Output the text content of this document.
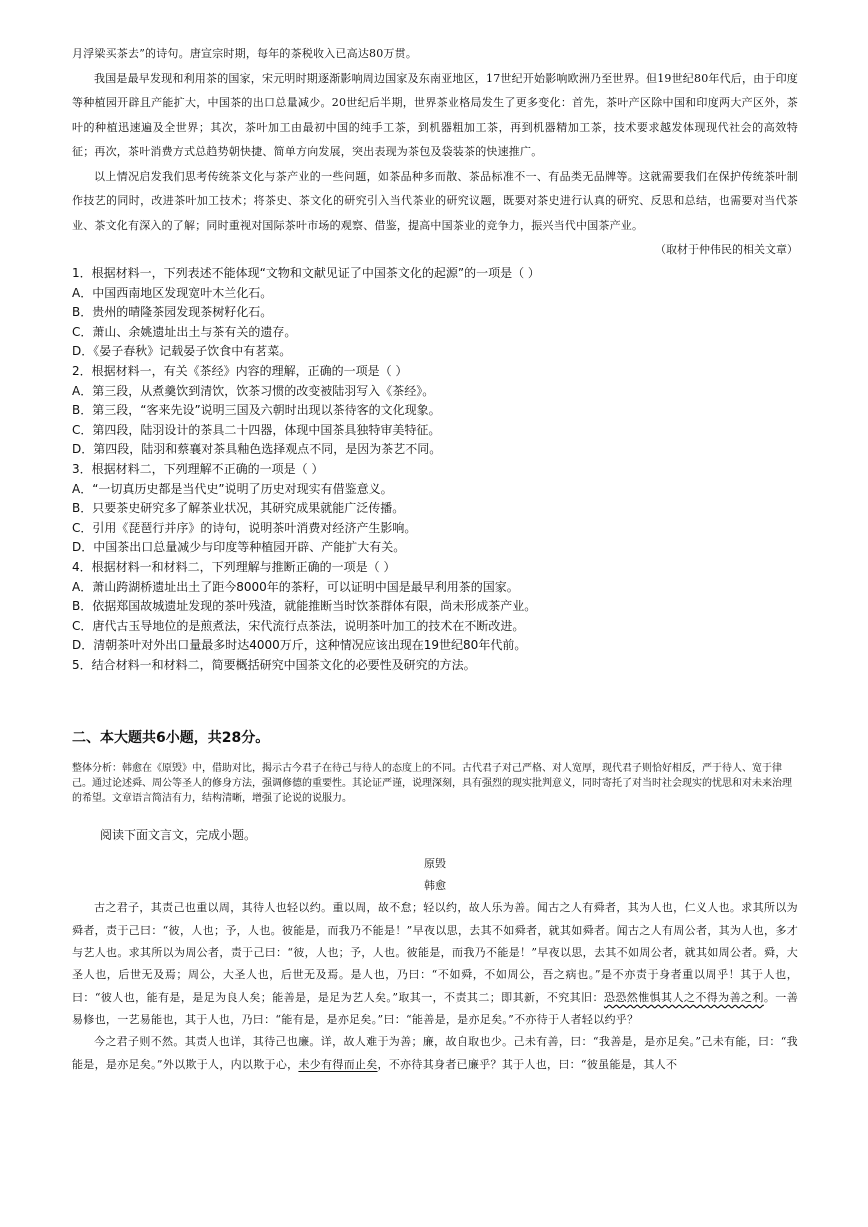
月浮梁买茶去”的诗句。唐宣宗时期，每年的茶税收入已高达80万贯。

我国是最早发现和利用茶的国家，宋元明时期逐渐影响周边国家及东南亚地区，17世纪开始影响欧洲乃至世界。但19世纪80年代后，由于印度等种植园开辟且产能扩大，中国茶的出口总量减少。20世纪后半期，世界茶业格局发生了更多变化：首先，茶叶产区除中国和印度两大产区外，茶叶的种植迅速遍及全世界；其次，茶叶加工由最初中国的纯手工茶，到机器粗加工茶，再到机器精加工茶，技术要求越发体现现代社会的高效特征；再次，茶叶消费方式总趋势朝快捷、简单方向发展，突出表现为茶包及袋装茶的快速推广。

以上情况启发我们思考传统茶文化与茶产业的一些问题，如茶品种多而散、茶品标准不一、有品类无品牌等。这就需要我们在保护传统茶叶制作技艺的同时，改进茶叶加工技术；将茶史、茶文化的研究引入当代茶业的研究议题，既要对茶史进行认真的研究、反思和总结，也需要对当代茶业、茶文化有深入的了解；同时重视对国际茶叶市场的观察、借鉴，提高中国茶业的竞争力，振兴当代中国茶产业。

（取材于仲伟民的相关文章）

1．根据材料一，下列表述不能体现“文物和文献见证了中国茶文化的起源”的一项是（ ）

A．中国西南地区发现宽叶木兰化石。

B．贵州的晴隆茶园发现茶树籽化石。

C．萧山、余姚遗址出土与茶有关的遗存。

D．《晏子春秋》记载晏子饮食中有茗菜。

2．根据材料一，有关《茶经》内容的理解，正确的一项是（ ）

A．第三段，从煮羹饮到清饮，饮茶习惯的改变被陆羽写入《茶经》。

B．第三段，“客来先设”说明三国及六朝时出现以茶待客的文化现象。

C．第四段，陆羽设计的茶具二十四器，体现中国茶具独特审美特征。

D．第四段，陆羽和蔡襄对茶具釉色选择观点不同，是因为茶艺不同。

3．根据材料二，下列理解不正确的一项是（ ）

A．“一切真历史都是当代史”说明了历史对现实有借鉴意义。

B．只要茶史研究多了解茶业状况，其研究成果就能广泛传播。

C．引用《琵琶行并序》的诗句，说明茶叶消费对经济产生影响。

D．中国茶出口总量减少与印度等种植园开辟、产能扩大有关。

4．根据材料一和材料二，下列理解与推断正确的一项是（ ）

A．萧山跨湖桥遗址出土了距今8000年的茶籽，可以证明中国是最早利用茶的国家。

B．依据郑国故城遗址发现的茶叶残渣，就能推断当时饮茶群体有限，尚未形成茶产业。

C．唐代古玉导地位的是煎煮法，宋代流行点茶法，说明茶叶加工的技术在不断改进。

D．清朝茶叶对外出口量最多时达4000万斤，这种情况应该出现在19世纪80年代前。

5．结合材料一和材料二，简要概括研究中国茶文化的必要性及研究的方法。

二、本大题共6小题，共28分。

整体分析：韩愈在《原毁》中，借助对比，揭示古今君子在待己与待人的态度上的不同。古代君子对己严格、对人宽厚，现代君子则恰好相反，严于待人、宽于律己。通过论述舜、周公等圣人的修身方法，强调修德的重要性。其论证严谨，说理深刻，具有强烈的现实批判意义，同时寄托了对当时社会现实的忧思和对未来治理的希望。文章语言简洁有力，结构清晰，增强了论说的说服力。

阅读下面文言文，完成小题。

原毁

韩愈

古之君子，其责己也重以周，其待人也轻以约。重以周，故不怠；轻以约，故人乐为善。闻古之人有舜者，其为人也，仁义人也。求其所以为舜者，责于己曰：“彼，人也；予，人也。彼能是，而我乃不能是！”早夜以思，去其不如舜者，就其如舜者。闻古之人有周公者，其为人也，多才与艺人也。求其所以为周公者，责于己曰：“彼，人也；予，人也。彼能是，而我乃不能是！”早夜以思，去其不如周公者，就其如周公者。舜，大圣人也，后世无及焉；周公，大圣人也，后世无及焉。是人也，乃曰：“不如舜，不如周公，吾之病也。”是不亦责于身者重以周乎！其于人也，曰：“彼人也，能有是，是足为良人矣；能善是，是足为艺人矣。”取其一，不责其二；即其新，不究其旧：恐恐然惟惧其人之不得为善之利。一善易修也，一艺易能也，其于人也，乃曰：“能有是，是亦足矣。”曰：“能善是，是亦足矣。”不亦待于人者轻以约乎？

今之君子则不然。其责人也详，其待己也廉。详，故人难于为善；廉，故自取也少。己未有善，曰：“我善是，是亦足矣。”己未有能，曰：“我能是，是亦足矣。”外以欺于人，内以欺于心，未少有得而止矣，不亦待其身者已廉乎？其于人也，曰：“彼虽能是，其人不
